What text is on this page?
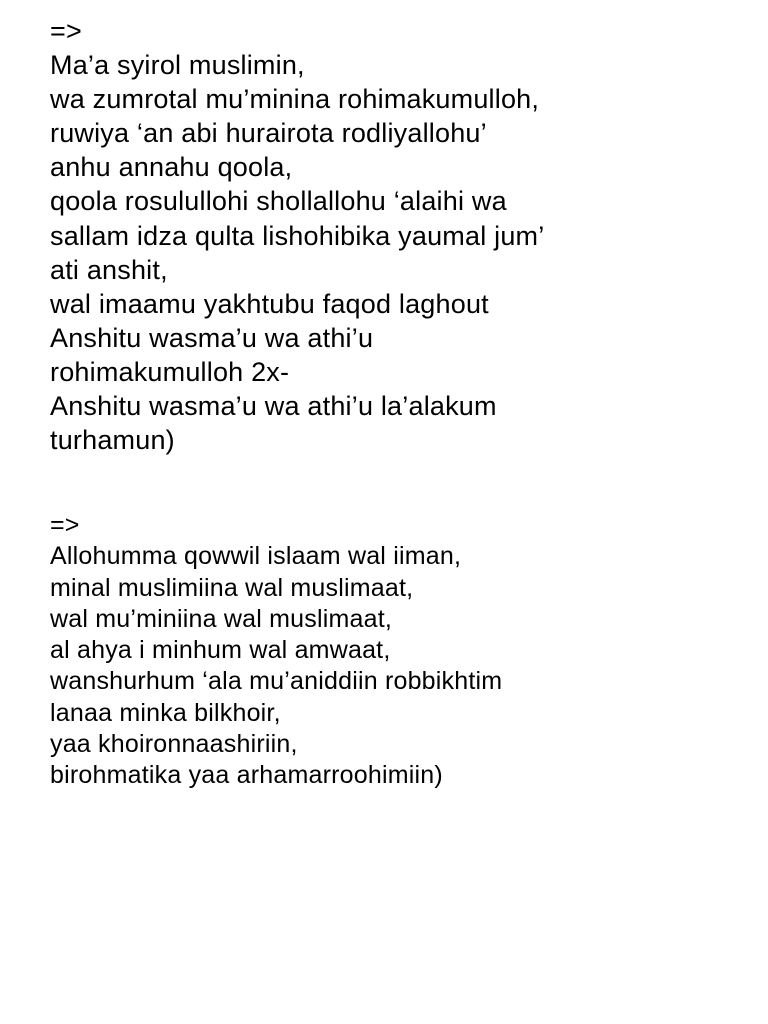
=>
Ma’a syirol muslimin,
wa zumrotal mu’minina rohimakumulloh,
ruwiya ‘an abi hurairota rodliyallohu’
anhu annahu qoola,
qoola rosulullohi shollallohu ‘alaihi wa
sallam idza qulta lishohibika yaumal jum’
ati anshit,
wal imaamu yakhtubu faqod laghout
Anshitu wasma’u wa athi’u
rohimakumulloh 2x-
Anshitu wasma’u wa athi’u la’alakum
turhamun)
=>
Allohumma qowwil islaam wal iiman,
minal muslimiina wal muslimaat,
wal mu’miniina wal muslimaat,
al ahya i minhum wal amwaat,
wanshurhum ‘ala mu’aniddiin robbikhtim
lanaa minka bilkhoir,
yaa khoironnaashiriin,
birohmatika yaa arhamarroohimiin)
